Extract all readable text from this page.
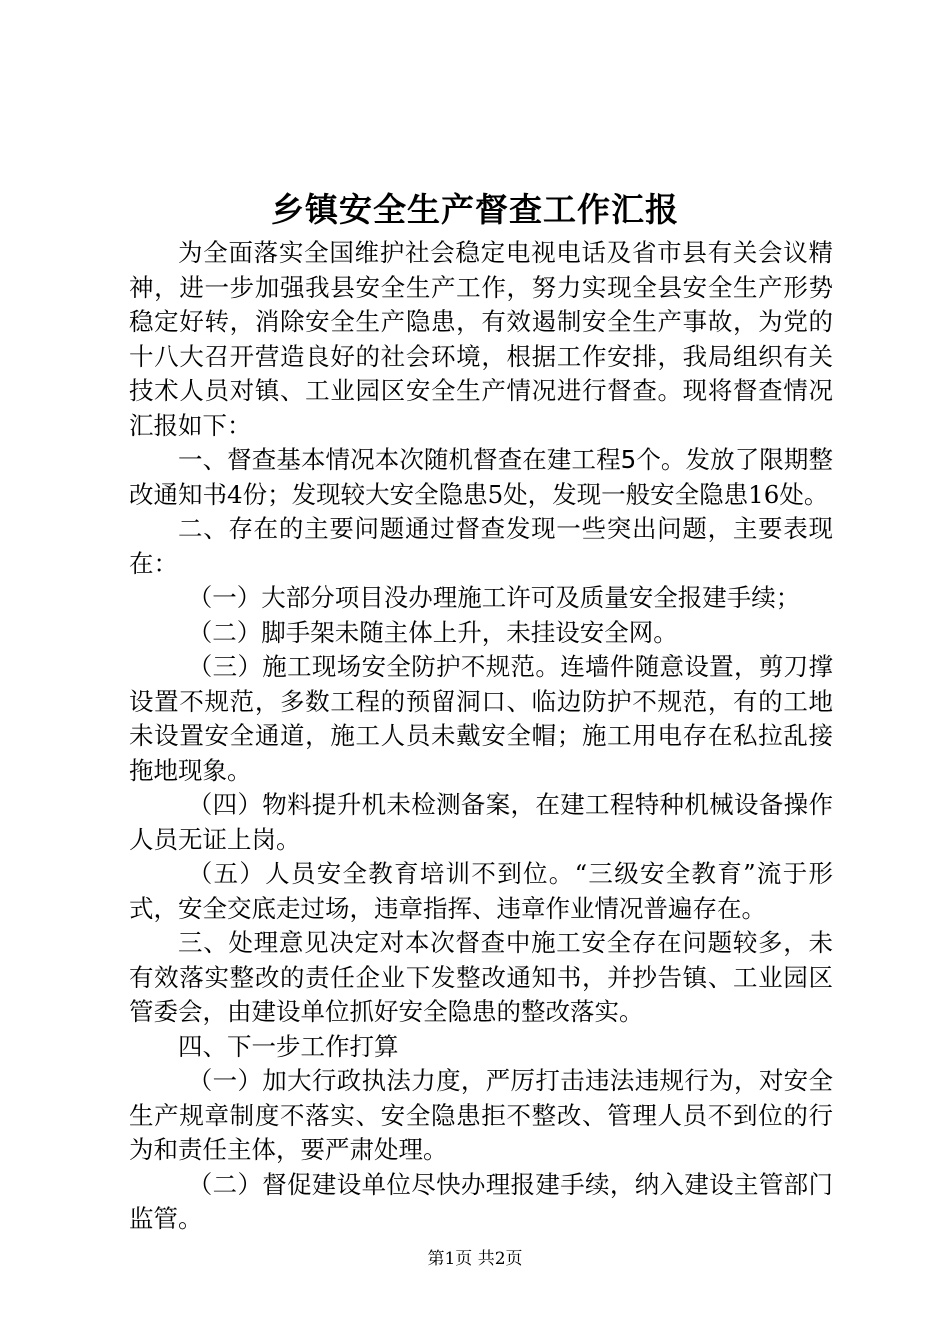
乡镇安全生产督查工作汇报

为全面落实全国维护社会稳定电视电话及省市县有关会议精神，进一步加强我县安全生产工作，努力实现全县安全生产形势稳定好转，消除安全生产隐患，有效遏制安全生产事故，为党的十八大召开营造良好的社会环境，根据工作安排，我局组织有关技术人员对镇、工业园区安全生产情况进行督查。现将督查情况汇报如下：

一、督查基本情况本次随机督查在建工程5个。发放了限期整改通知书4份；发现较大安全隐患5处，发现一般安全隐患16处。

二、存在的主要问题通过督查发现一些突出问题，主要表现在：

（一）大部分项目没办理施工许可及质量安全报建手续；

（二）脚手架未随主体上升，未挂设安全网。

（三）施工现场安全防护不规范。连墙件随意设置，剪刀撑设置不规范，多数工程的预留洞口、临边防护不规范，有的工地未设置安全通道，施工人员未戴安全帽；施工用电存在私拉乱接拖地现象。

（四）物料提升机未检测备案，在建工程特种机械设备操作人员无证上岗。

（五）人员安全教育培训不到位。“三级安全教育”流于形式，安全交底走过场，违章指挥、违章作业情况普遍存在。

三、处理意见决定对本次督查中施工安全存在问题较多，未有效落实整改的责任企业下发整改通知书，并抄告镇、工业园区管委会，由建设单位抓好安全隐患的整改落实。

四、下一步工作打算

（一）加大行政执法力度，严厉打击违法违规行为，对安全生产规章制度不落实、安全隐患拒不整改、管理人员不到位的行为和责任主体，要严肃处理。

（二）督促建设单位尽快办理报建手续，纳入建设主管部门监管。

第1页 共2页
